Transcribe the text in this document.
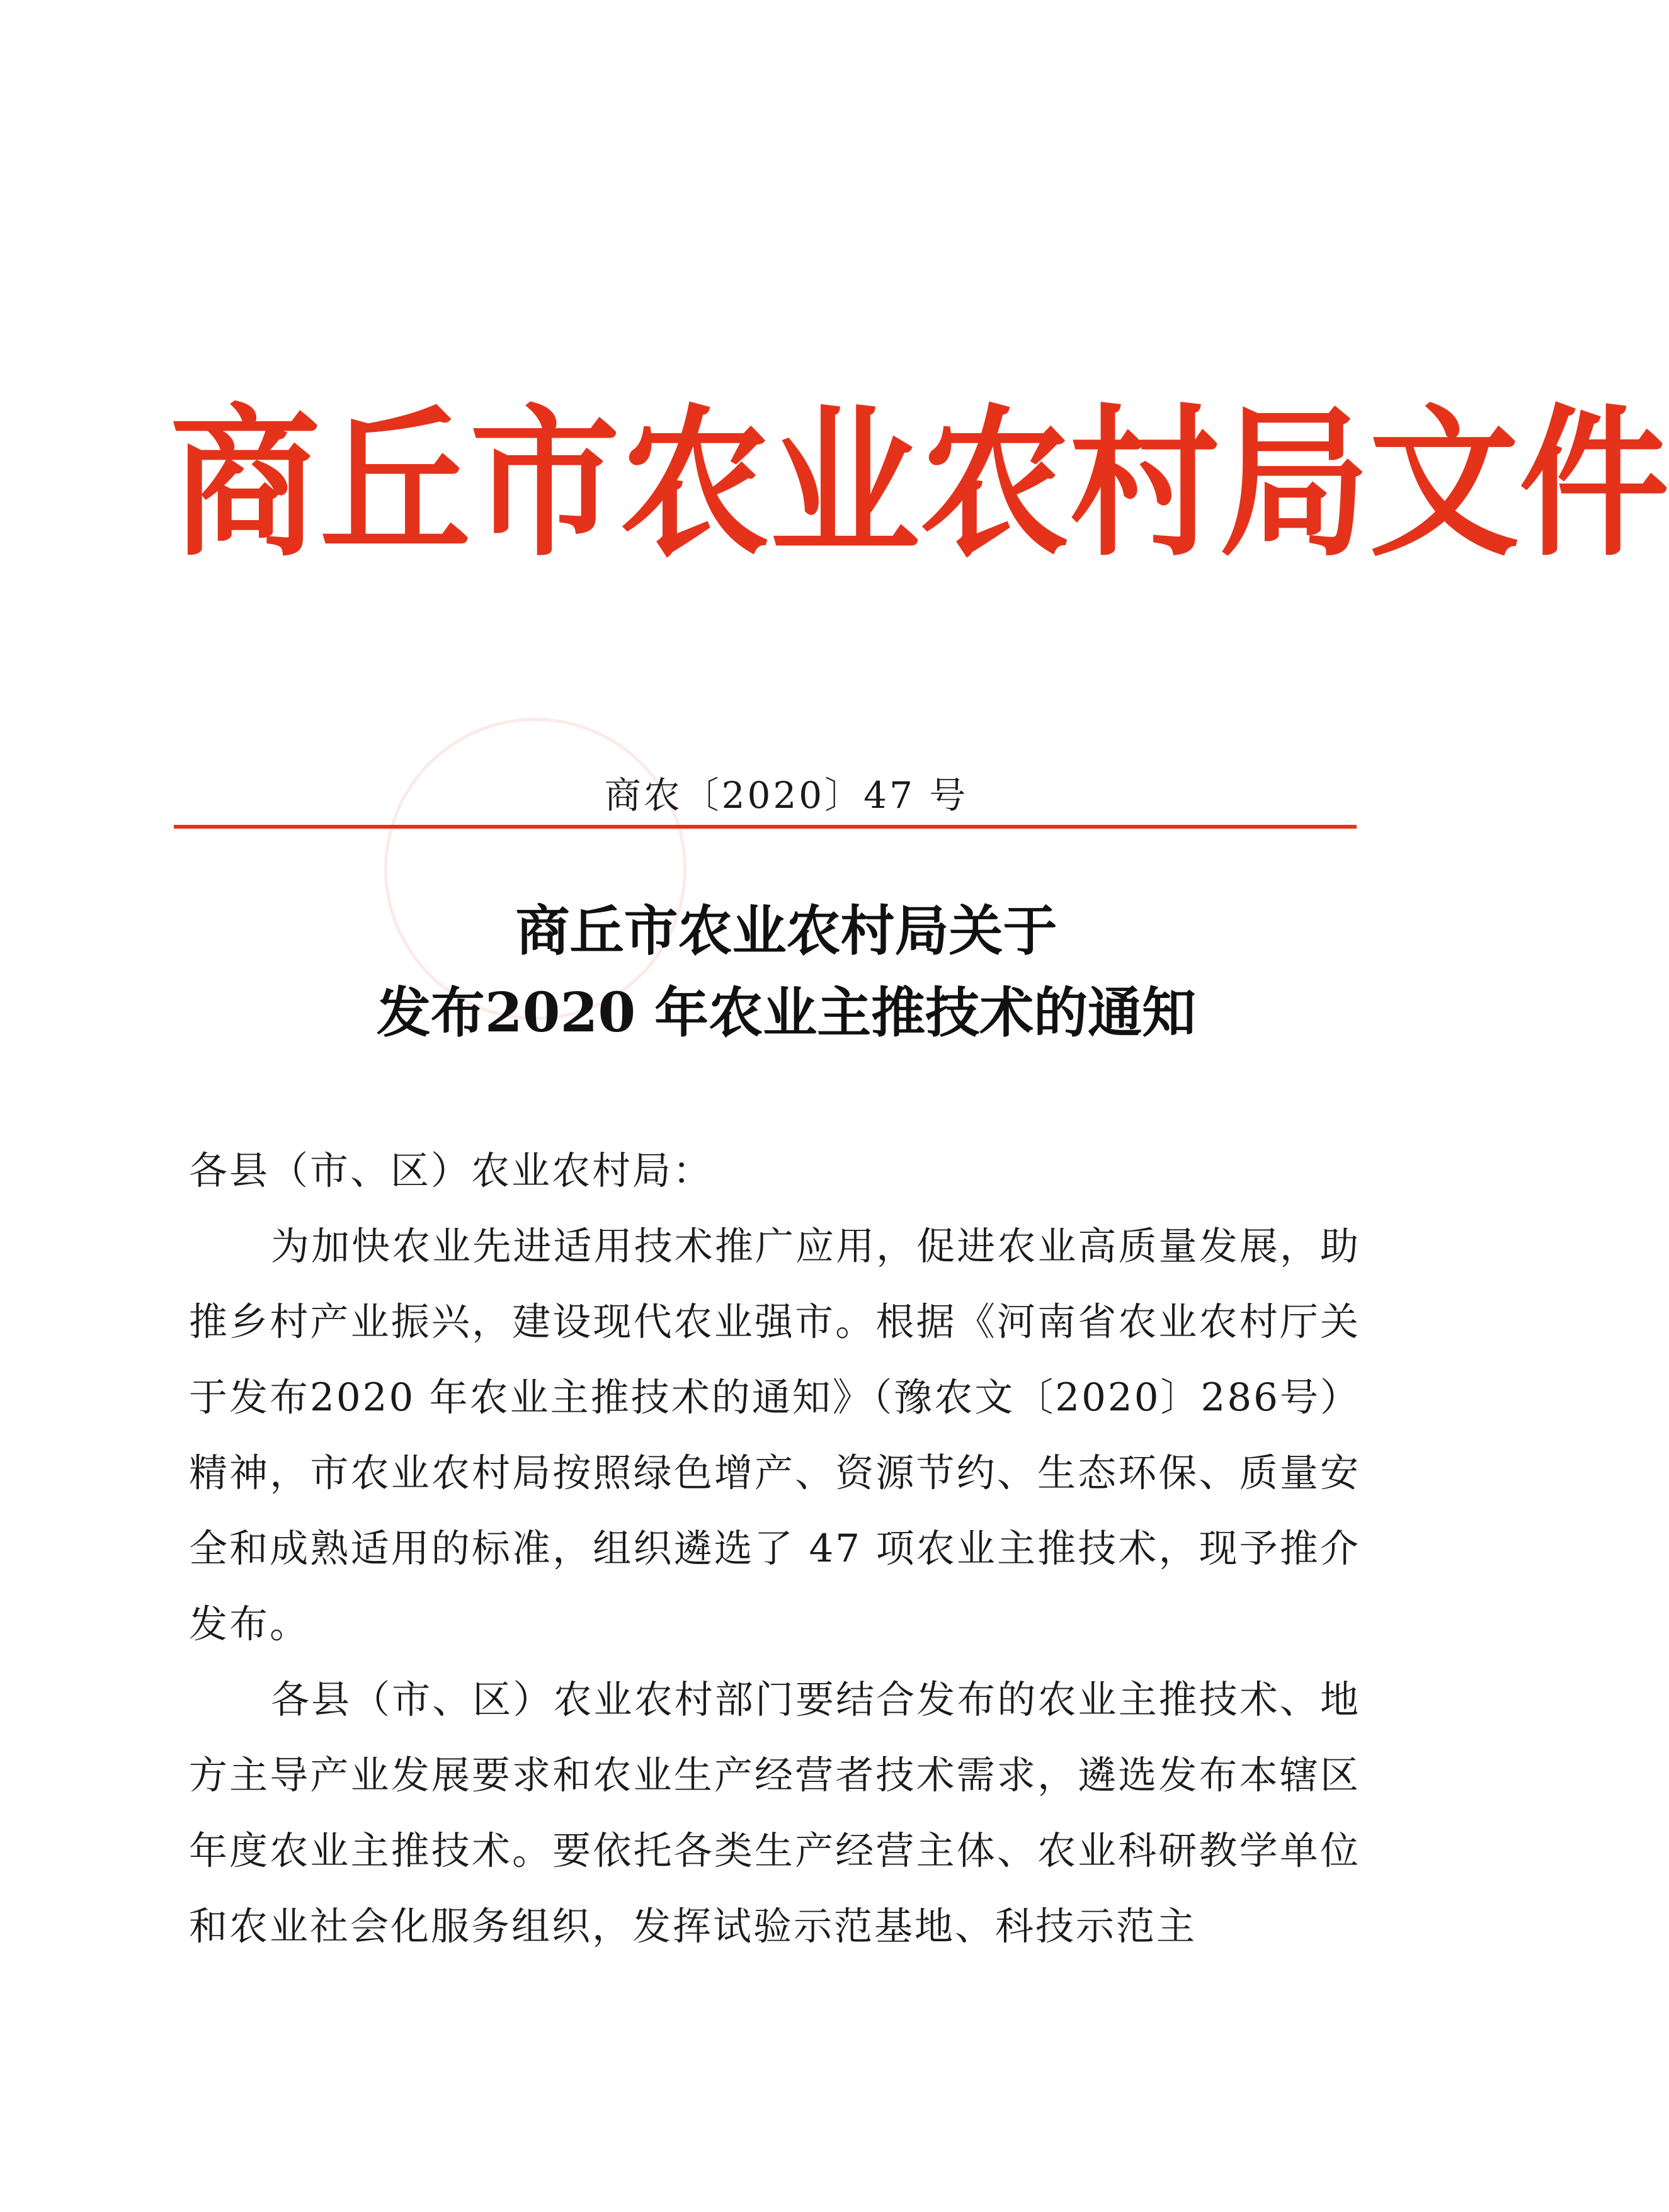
商 丘 市 农 业 农 村 局 文 件
商农〔2020〕47 号
商丘市农业农村局关于
发布2020 年农业主推技术的通知

各县（市、区）农业农村局：

为加快农业先进适用技术推广应用，促进农业高质量发展，助推乡村产业振兴，建设现代农业强市。根据《河南省农业农村厅关于发布2020 年农业主推技术的通知》（豫农文〔2020〕286号）精神，市农业农村局按照绿色增产、资源节约、生态环保、质量安全和成熟适用的标准，组织遴选了 47 项农业主推技术，现予推介发布。

各县（市、区）农业农村部门要结合发布的农业主推技术、地方主导产业发展要求和农业生产经营者技术需求，遴选发布本辖区年度农业主推技术。要依托各类生产经营主体、农业科研教学单位和农业社会化服务组织，发挥试验示范基地、科技示范主
